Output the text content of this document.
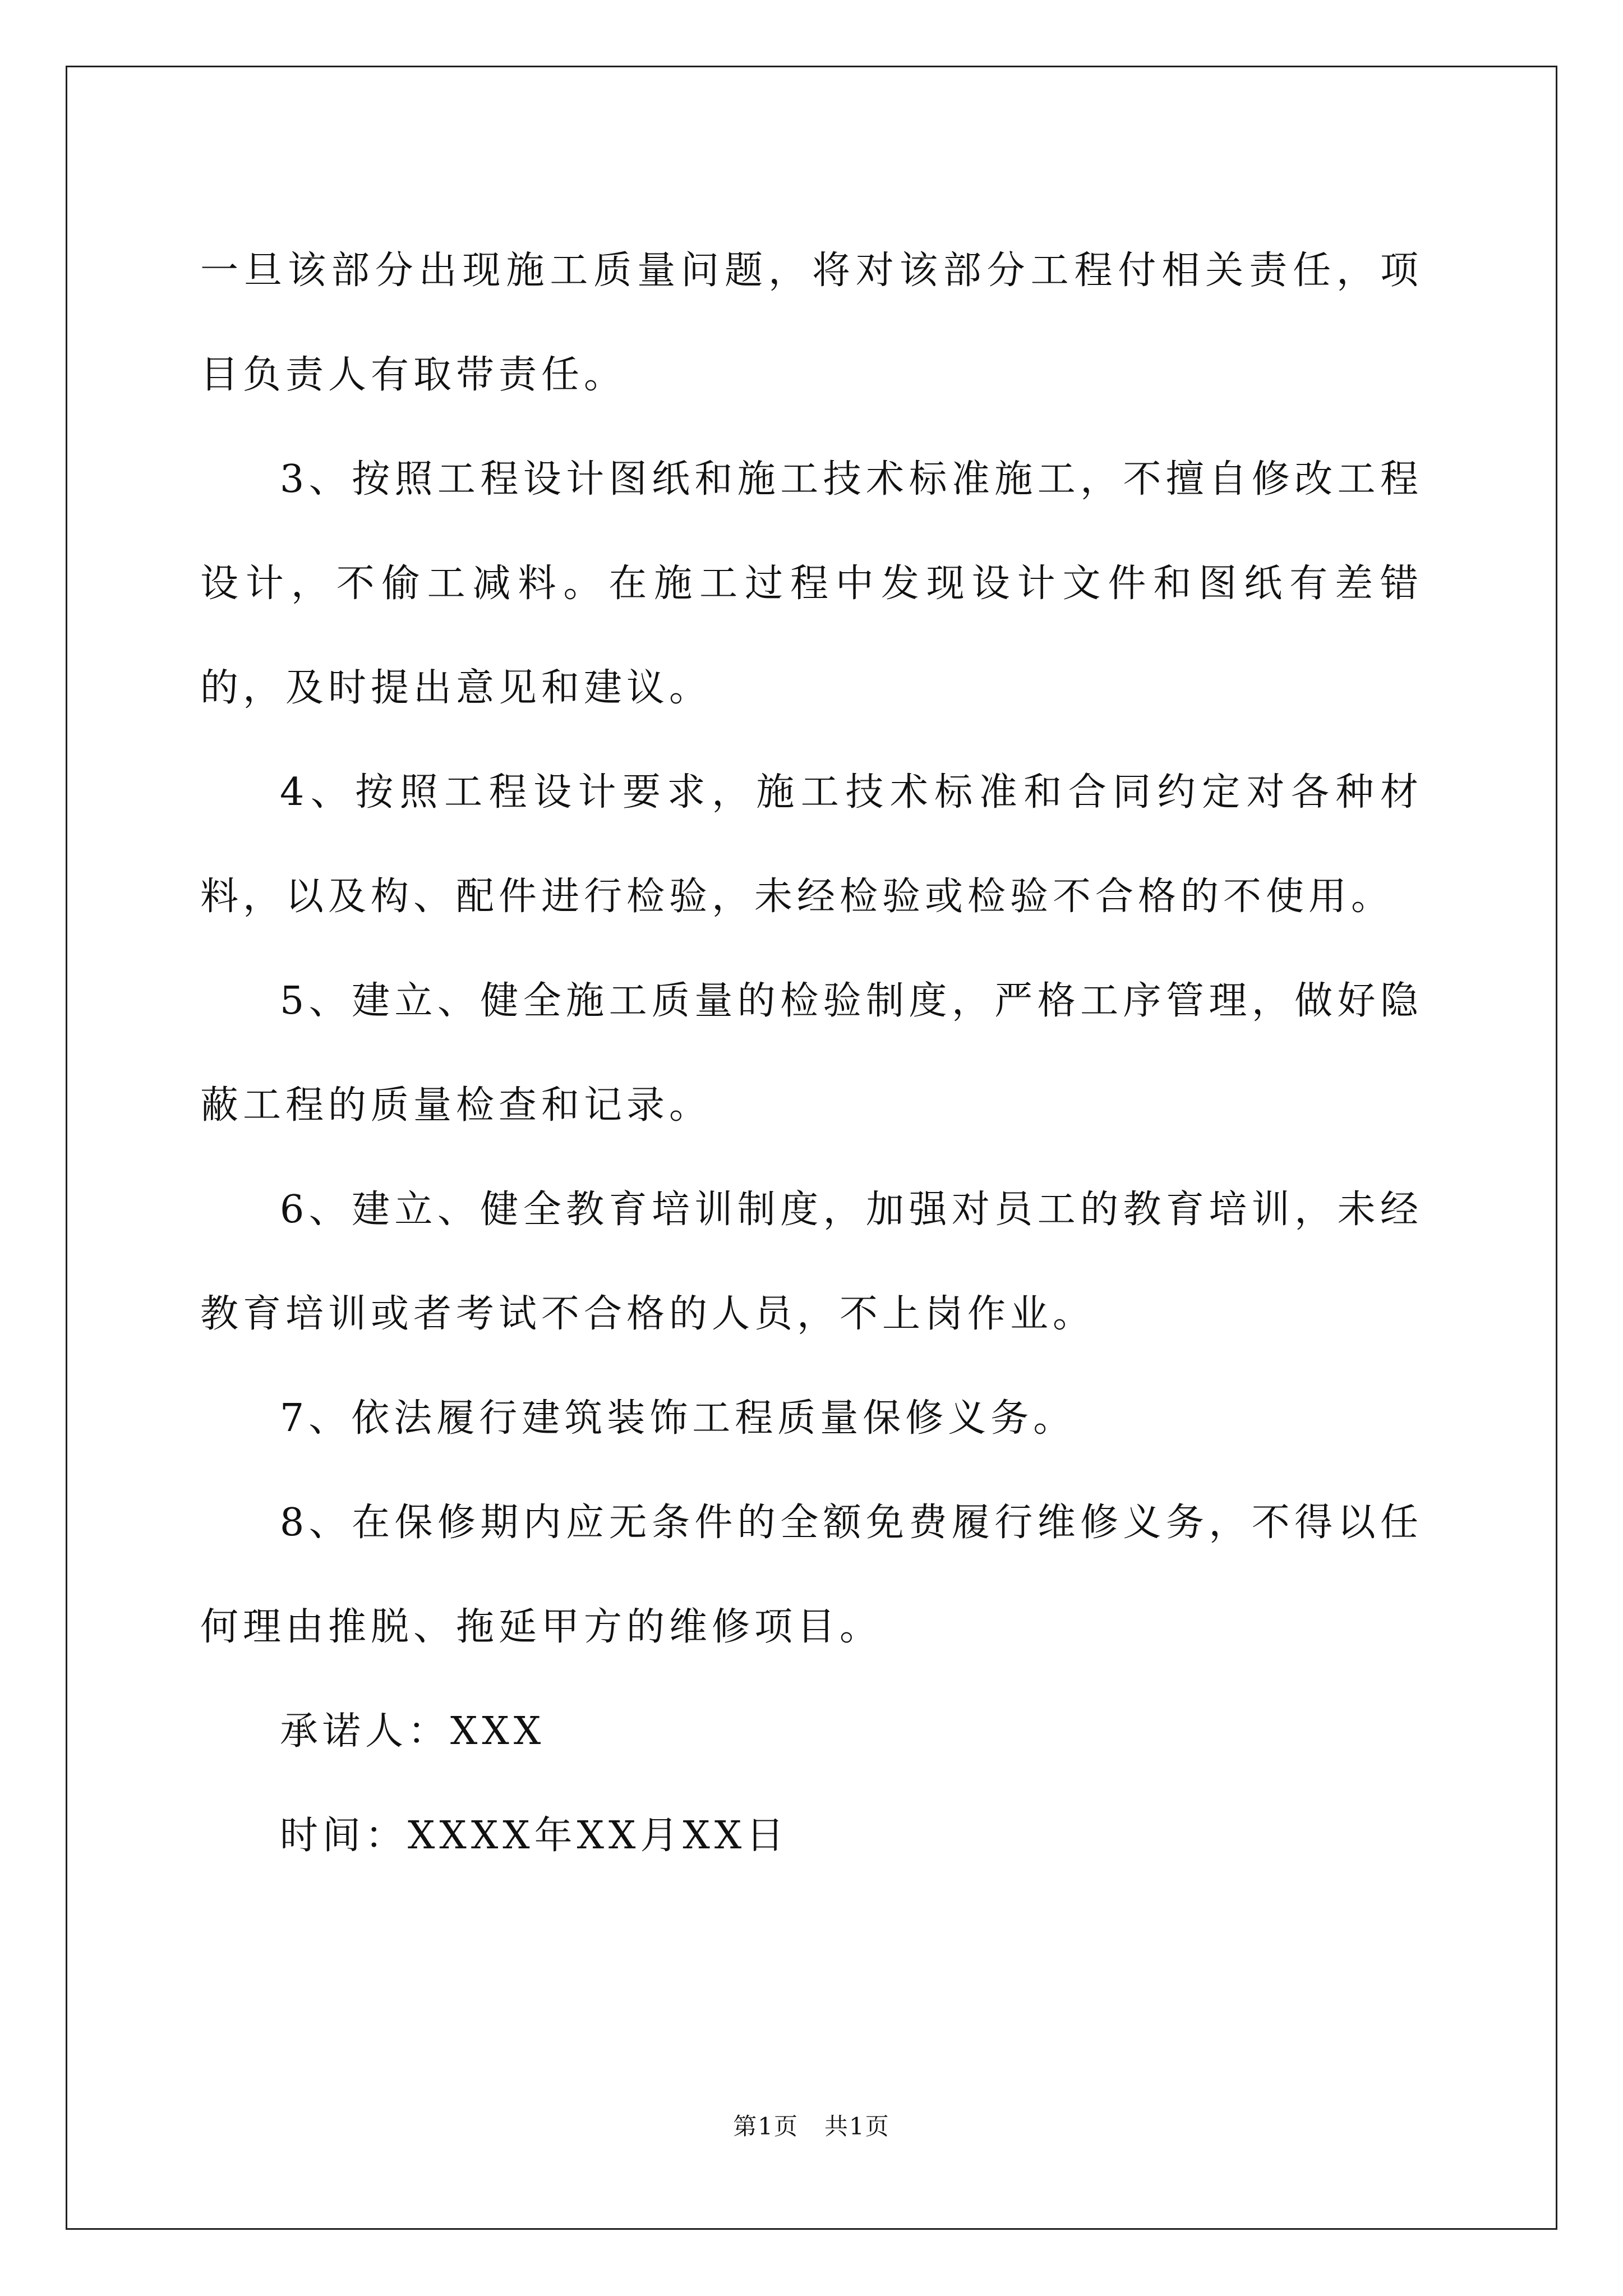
一旦该部分出现施工质量问题，将对该部分工程付相关责任，项目负责人有取带责任。

3、按照工程设计图纸和施工技术标准施工，不擅自修改工程设计，不偷工减料。在施工过程中发现设计文件和图纸有差错的，及时提出意见和建议。

4、按照工程设计要求，施工技术标准和合同约定对各种材料，以及构、配件进行检验，未经检验或检验不合格的不使用。

5、建立、健全施工质量的检验制度，严格工序管理，做好隐蔽工程的质量检查和记录。

6、建立、健全教育培训制度，加强对员工的教育培训，未经教育培训或者考试不合格的人员，不上岗作业。

7、依法履行建筑装饰工程质量保修义务。

8、在保修期内应无条件的全额免费履行维修义务，不得以任何理由推脱、拖延甲方的维修项目。

承诺人：XXX

时间：XXXX年XX月XX日

第1页 共1页
